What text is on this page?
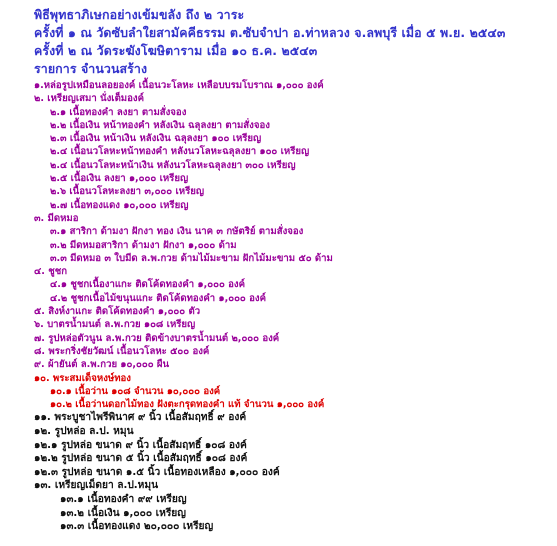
พิธีพุทธาภิเษกอย่างเข้มขลัง ถึง ๒ วาระ
ครั้งที่ ๑ ณ วัดซับลำใยสามัคคีธรรม ต.ซับจำปา อ.ท่าหลวง จ.ลพบุรี เมื่อ ๕ พ.ย. ๒๕๔๓
ครั้งที่ ๒ ณ วัดระฆังโฆษิตาราม เมื่อ ๑๐ ธ.ค. ๒๕๔๓
รายการ จำนวนสร้าง
๑.หล่อรูปเหมือนลอยองค์ เนื้อนวะโลหะ เหลือบบรมโบราณ ๑,๐๐๐ องค์
๒. เหรียญเสมา นั่งเต็มองค์
๒.๑ เนื้อทองคำ ลงยา ตามสั่งจอง
๒.๒ เนื้อเงิน หน้าทองคำ หลังเงิน ฉลุลงยา ตามสั่งจอง
๒.๓ เนื้อเงิน หน้าเงิน หลังเงิน ฉลุลงยา ๑๐๐ เหรียญ
๒.๔ เนื้อนวโลหะหน้าทองคำ หลังนวโลหะฉลุลงยา ๑๐๐ เหรียญ
๒.๔ เนื้อนวโลหะหน้าเงิน หลังนวโลหะฉลุลงยา ๓๐๐ เหรียญ
๒.๕ เนื้อเงิน ลงยา ๑,๐๐๐ เหรียญ
๒.๖ เนื้อนวโลหะลงยา ๓,๐๐๐ เหรียญ
๒.๗ เนื้อทองแดง ๑๐,๐๐๐ เหรียญ
๓. มีดหมอ
๓.๑ สาริกา ด้ามงา ฝักงา ทอง เงิน นาค ๓ กษัตริย์ ตามสั่งจอง
๓.๒ มีดหมอสาริกา ด้ามงา ฝักงา ๑,๐๐๐ ด้าม
๓.๓ มีดหมอ ๓ ใบมีด ล.พ.กวย ด้ามไม้มะขาม ฝักไม้มะขาม ๕๐ ด้าม
๔. ชูชก
๔.๑ ชูชกเนื้องาแกะ ติดโค้ดทองคำ ๑,๐๐๐ องค์
๔.๒ ชูชกเนื้อไม้ขนุนแกะ ติดโค้ดทองคำ ๑,๐๐๐ องค์
๕. สิงห์งาแกะ ติดโค้ดทองคำ ๑,๐๐๐ ตัว
๖. บาตรน้ำมนต์ ล.พ.กวย ๑๐๘ เหรียญ
๗. รูปหล่อตัวนูน ล.พ.กวย ติดข้างบาตรน้ำมนต์ ๒,๐๐๐ องค์
๘. พระกริ่งชัยวัฒน์ เนื้อนวโลหะ ๕๐๐ องค์
๙. ผ้ายันต์ ล.พ.กวย ๑๐,๐๐๐ ผืน
๑๐. พระสมเด็จหงษ์ทอง
๑๐.๑ เนื้อว่าน ๑๐๘ จำนวน ๑๐,๐๐๐ องค์
๑๐.๒ เนื้อว่านดอกไม้ทอง ฝังตะกรุดทองคำ แท้ จำนวน ๑,๐๐๐ องค์
๑๑. พระบูชาไพรีพินาศ ๙ นิ้ว เนื้อสัมฤทธิ์ ๙ องค์
๑๒. รูปหล่อ ล.ป. หมุน
๑๒.๑ รูปหล่อ ขนาด ๙ นิ้ว เนื้อสัมฤทธิ์ ๑๐๘ องค์
๑๒.๒ รูปหล่อ ขนาด ๕ นิ้ว เนื้อสัมฤทธิ์ ๑๐๘ องค์
๑๒.๓ รูปหล่อ ขนาด ๑.๕ นิ้ว เนื้อทองเหลือง ๑,๐๐๐ องค์
๑๓. เหรียญเม็ดยา ล.ป.หมุน
๑๓.๑ เนื้อทองคำ ๙๙ เหรียญ
๑๓.๒ เนื้อเงิน ๑,๐๐๐ เหรียญ
๑๓.๓ เนื้อทองแดง ๒๐,๐๐๐ เหรียญ
